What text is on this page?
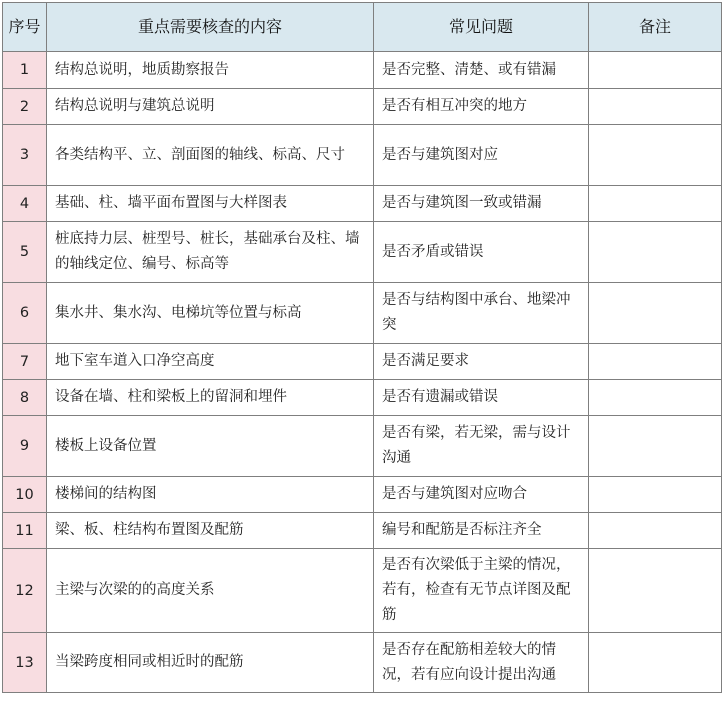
序号	重点需要核查的内容	常见问题	备注
1	结构总说明，地质勘察报告	是否完整、清楚、或有错漏	
2	结构总说明与建筑总说明	是否有相互冲突的地方	
3	各类结构平、立、剖面图的轴线、标高、尺寸	是否与建筑图对应	
4	基础、柱、墙平面布置图与大样图表	是否与建筑图一致或错漏	
5	桩底持力层、桩型号、桩长，基础承台及柱、墙的轴线定位、编号、标高等	是否矛盾或错误	
6	集水井、集水沟、电梯坑等位置与标高	是否与结构图中承台、地梁冲突	
7	地下室车道入口净空高度	是否满足要求	
8	设备在墙、柱和梁板上的留洞和埋件	是否有遗漏或错误	
9	楼板上设备位置	是否有梁，若无梁，需与设计沟通	
10	楼梯间的结构图	是否与建筑图对应吻合	
11	梁、板、柱结构布置图及配筋	编号和配筋是否标注齐全	
12	主梁与次梁的的高度关系	是否有次梁低于主梁的情况，若有，检查有无节点详图及配筋	
13	当梁跨度相同或相近时的配筋	是否存在配筋相差较大的情况，若有应向设计提出沟通	
